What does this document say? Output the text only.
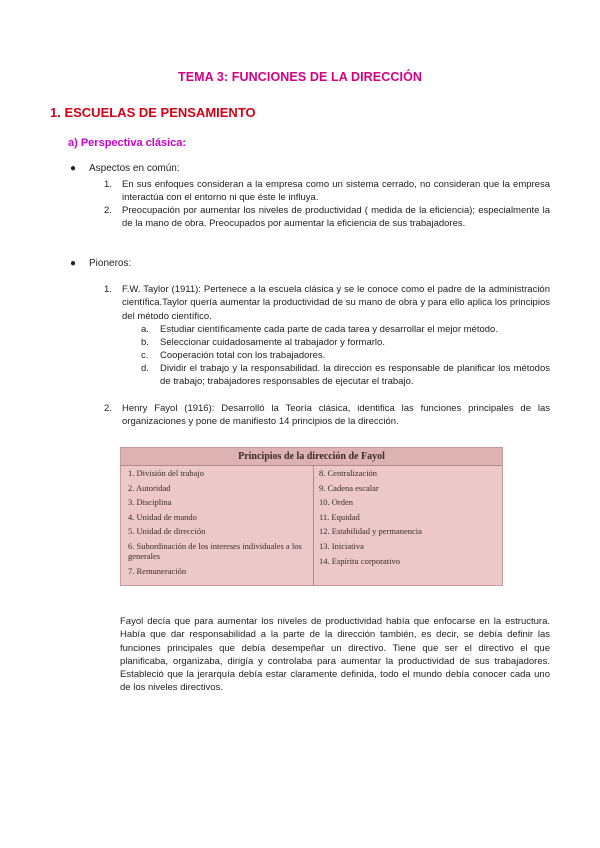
TEMA 3: FUNCIONES DE LA DIRECCIÓN
1. ESCUELAS DE PENSAMIENTO
a) Perspectiva clásica:
● Aspectos en común:
1. En sus enfoques consideran a la empresa como un sistema cerrado, no consideran que la empresa interactúa con el entorno ni que éste le influya.
2. Preocupación por aumentar los niveles de productividad ( medida de la eficiencia); especialmente la de la mano de obra. Preocupados por aumentar la eficiencia de sus trabajadores.
● Pioneros:
1. F.W. Taylor (1911): Pertenece a la escuela clásica y se le conoce como el padre de la administración científica.Taylor quería aumentar la productividad de su mano de obra y para ello aplica los principios del método científico.
a. Estudiar científicamente cada parte de cada tarea y desarrollar el mejor método.
b. Seleccionar cuidadosamente al trabajador y formarlo.
c. Cooperación total con los trabajadores.
d. Dividir el trabajo y la responsabilidad. la dirección es responsable de planificar los métodos de trabajo; trabajadores responsables de ejecutar el trabajo.
2. Henry Fayol (1916): Desarrolló la Teoría clásica, identifica las funciones principales de las organizaciones y pone de manifiesto 14 principios de la dirección.
Principios de la dirección de Fayol
1. División del trabajo
2. Autoridad
3. Disciplina
4. Unidad de mando
5. Unidad de dirección
6. Subordinación de los intereses individuales a los generales
7. Remuneración
8. Centralización
9. Cadena escalar
10. Orden
11. Equidad
12. Estabilidad y permanencia
13. Iniciativa
14. Espíritu corporativo
Fayol decía que para aumentar los niveles de productividad había que enfocarse en la estructura. Había que dar responsabilidad a la parte de la dirección también, es decir, se debía definir las funciones principales que debía desempeñar un directivo. Tiene que ser el directivo el que planificaba, organizaba, dirigía y controlaba para aumentar la productividad de sus trabajadores. Estableció que la jerarquía debía estar claramente definida, todo el mundo debía conocer cada uno de los niveles directivos.
